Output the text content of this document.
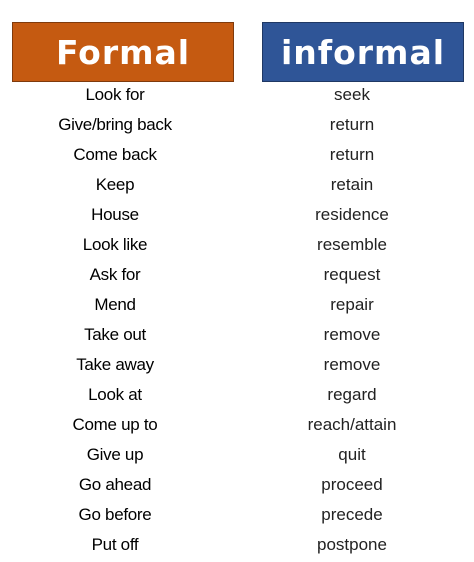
Formal	informal
Look for	seek
Give/bring back	return
Come back	return
Keep	retain
House	residence
Look like	resemble
Ask for	request
Mend	repair
Take out	remove
Take away	remove
Look at	regard
Come up to	reach/attain
Give up	quit
Go ahead	proceed
Go before	precede
Put off	postpone
